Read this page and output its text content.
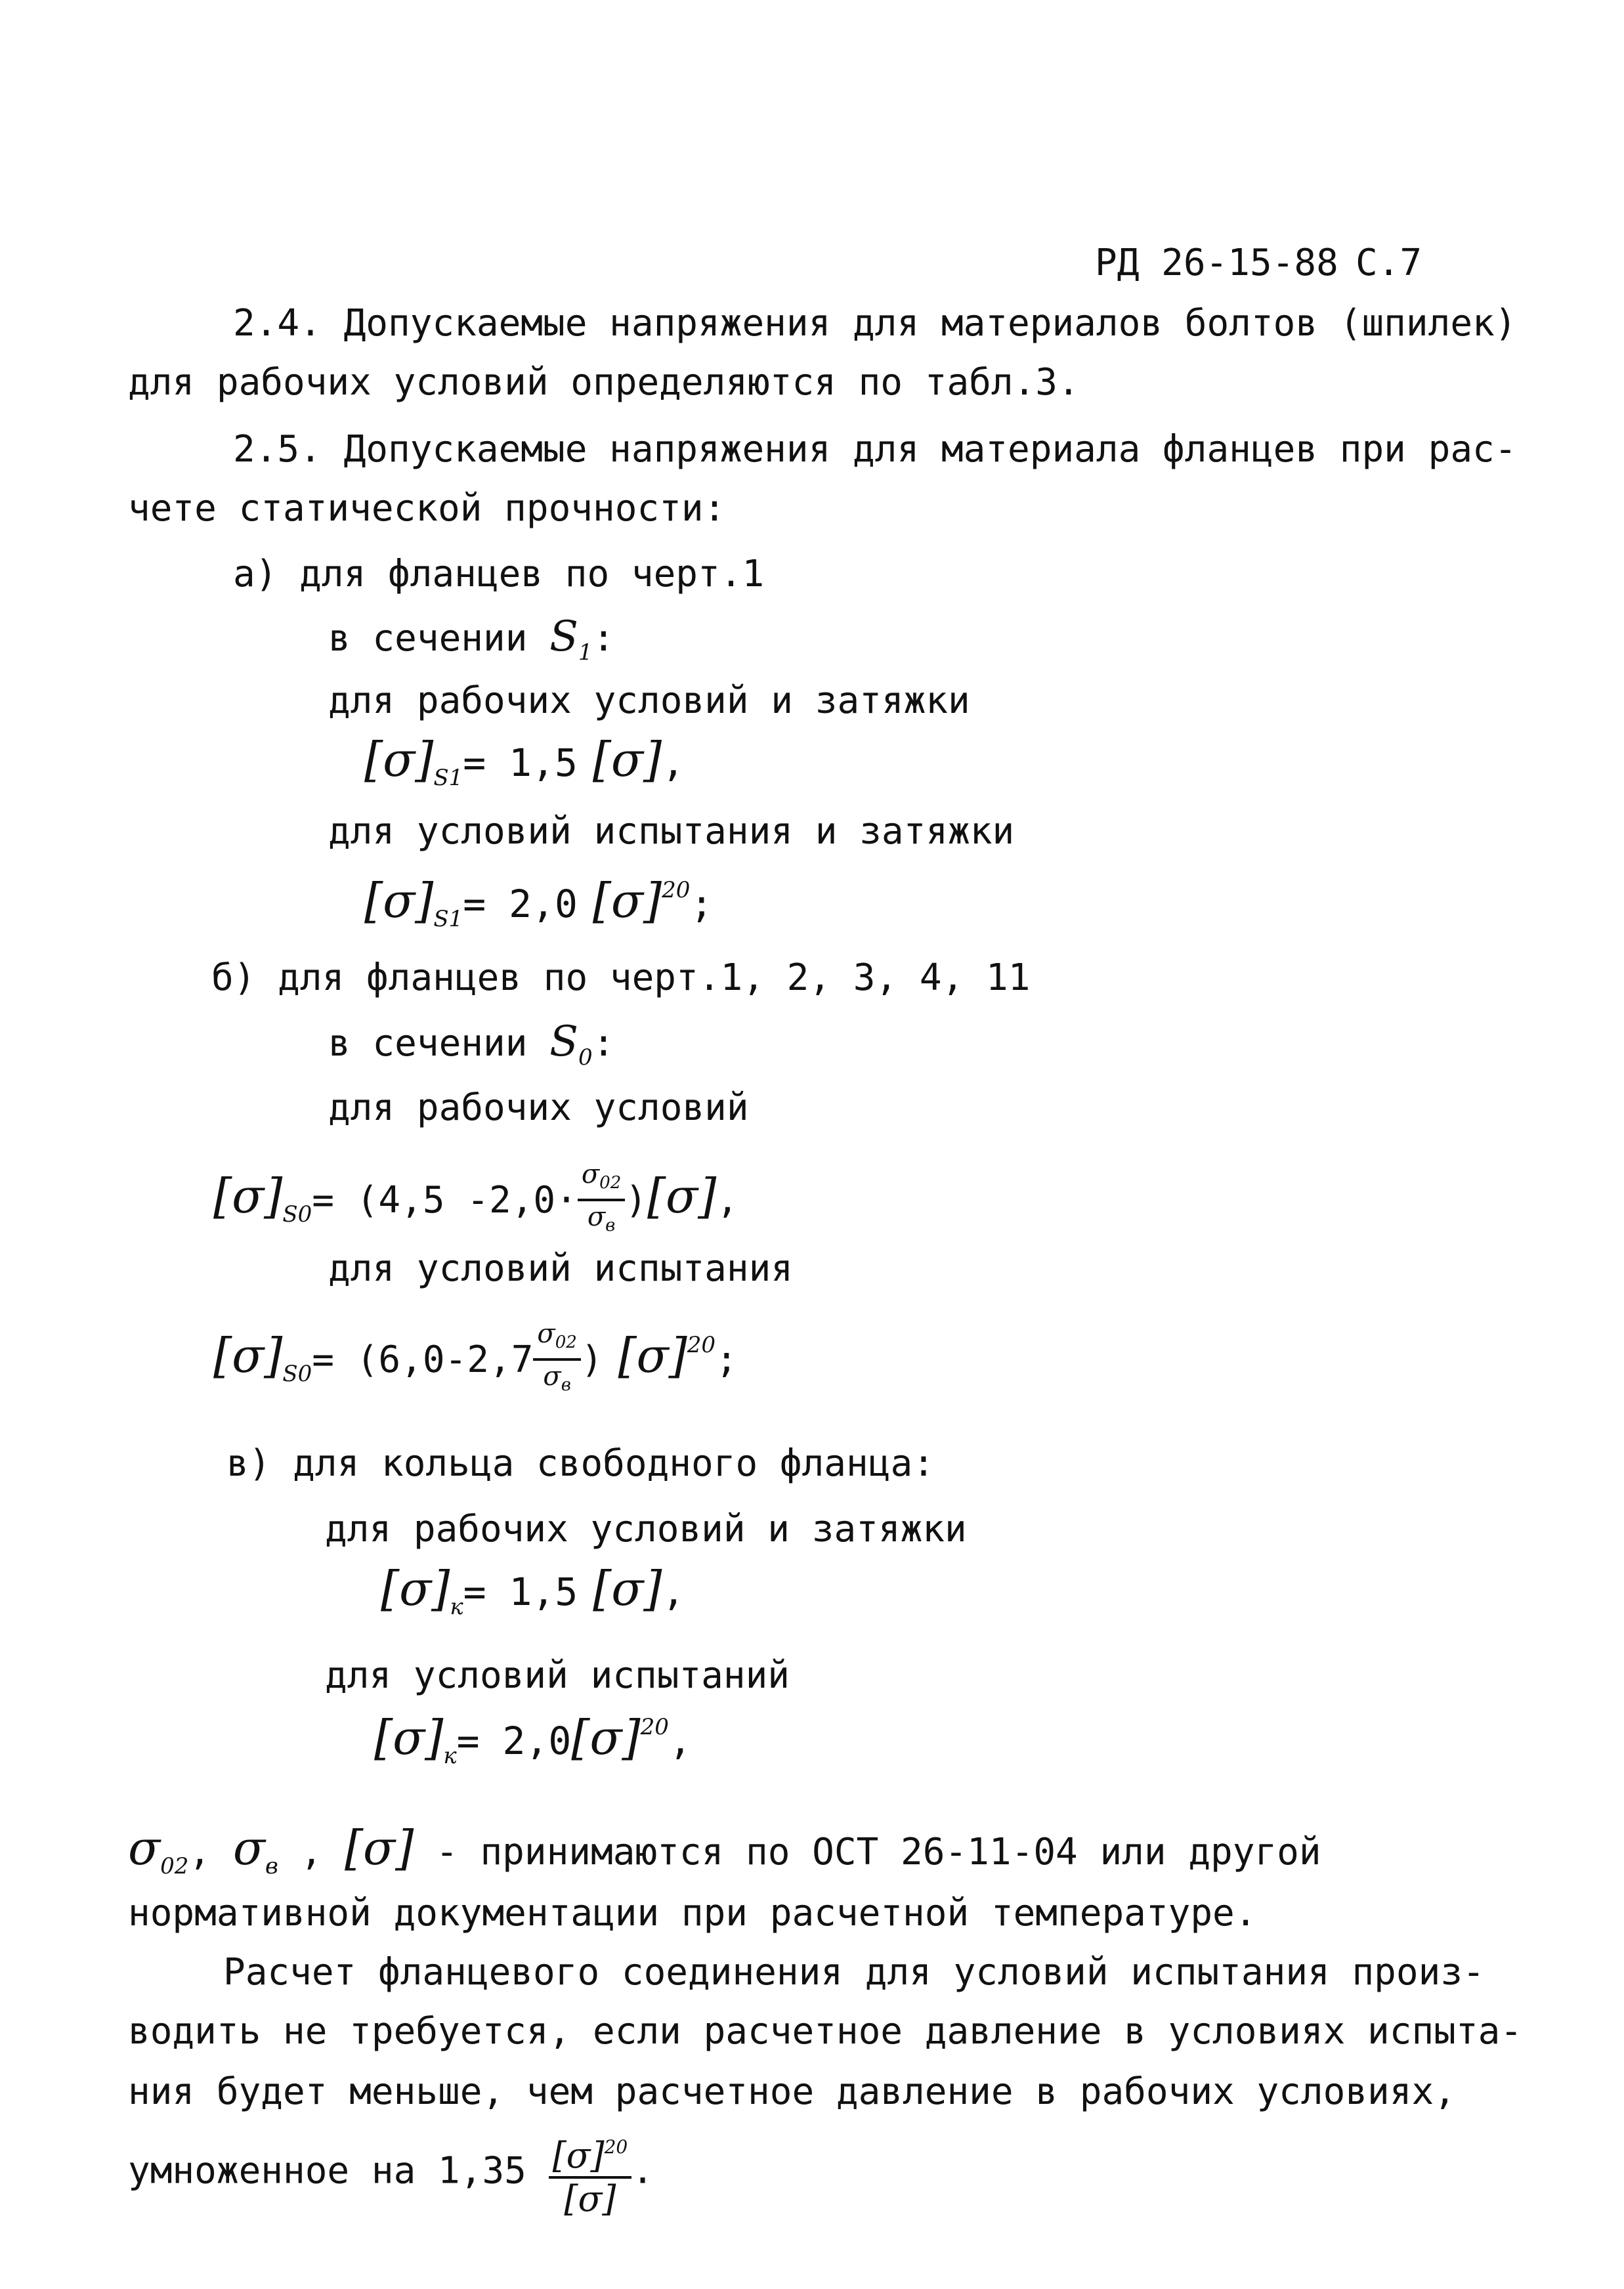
РД 26-15-88 С.7
2.4. Допускаемые напряжения для материалов болтов (шпилек)
для рабочих условий определяются по табл.3.
2.5. Допускаемые напряжения для материала фланцев при рас-
чете статической прочности:
а) для фланцев по черт.1
в сечении $S_1$:
для рабочих условий и затяжки
$[\sigma]_{S1}= 1,5$ [σ],
для условий испытания и затяжки
$[\sigma]_{S1}= 2,0$ $[\sigma]^{20}$;
б) для фланцев по черт.1, 2, 3, 4, 11
в сечении $S_0$:
для рабочих условий
$[\sigma]_{S0}= (4,5$ $-2,0\cdot \frac{\sigma_{02}}{\sigma_в} )[\sigma]$,
для условий испытания
$[\sigma]_{S0}= (6,0-2,7 \frac{\sigma_{02}}{\sigma_в}$ ) $[\sigma]^{20}$;
в) для кольца свободного фланца:
для рабочих условий и затяжки
$[\sigma]_к= 1,5$ [σ],
для условий испытаний
$[\sigma]_к= 2,0[\sigma]^{20}$,
$\sigma_{02}$, $\sigma_в$ , [σ] - принимаются по ОСТ 26-11-04 или другой
нормативной документации при расчетной температуре.
Расчет фланцевого соединения для условий испытания произ-
водить не требуется, если расчетное давление в условиях испыта-
ния будет меньше, чем расчетное давление в рабочих условиях,
умноженное на $1,35 \frac{[\sigma]^{20}}{[\sigma]}$ .
